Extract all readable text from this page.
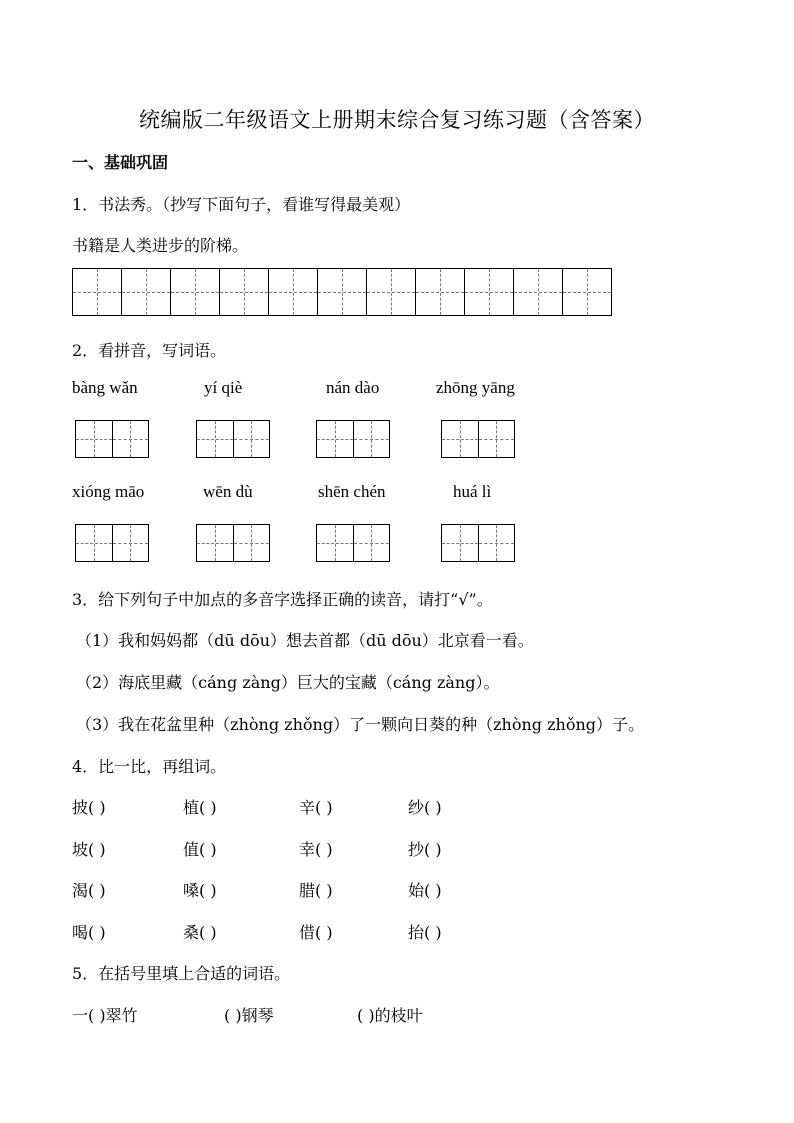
统编版二年级语文上册期末综合复习练习题（含答案）
一、基础巩固
1．书法秀。（抄写下面句子，看谁写得最美观）
书籍是人类进步的阶梯。
2．看拼音，写词语。
bàng wǎn	yí qiè	nán dào	zhōng yāng
xióng māo	wēn dù	shēn chén	huá lì
3．给下列句子中加点的多音字选择正确的读音，请打“√”。
（1）我和妈妈都（dū dōu）想去首都（dū dōu）北京看一看。
（2）海底里藏（cáng zàng）巨大的宝藏（cáng zàng）。
（3）我在花盆里种（zhòng zhǒng）了一颗向日葵的种（zhòng zhǒng）子。
4．比一比，再组词。
披( )	植( )	辛( )	纱( )
坡( )	值( )	幸( )	抄( )
渴( )	嗓( )	腊( )	始( )
喝( )	桑( )	借( )	抬( )
5．在括号里填上合适的词语。
一( )翠竹	( )钢琴	( )的枝叶
